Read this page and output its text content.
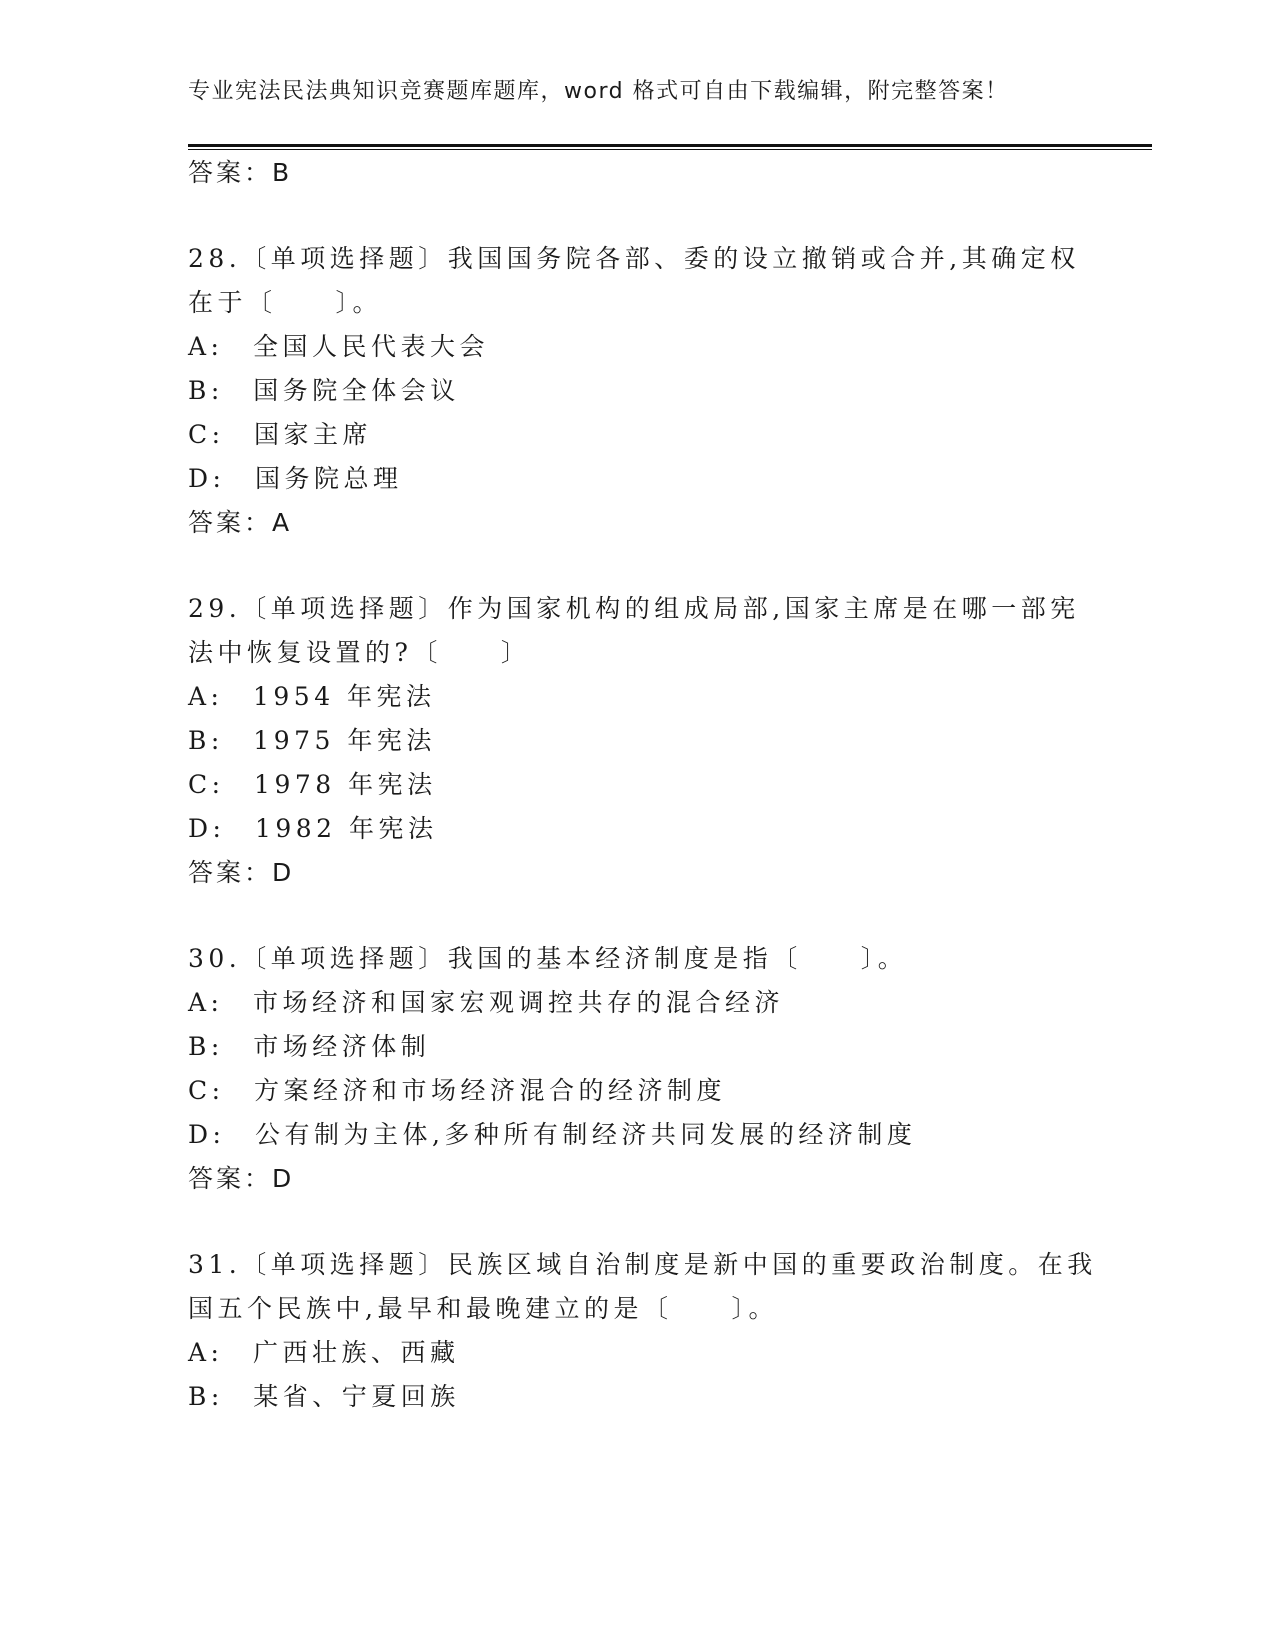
专业宪法民法典知识竞赛题库题库，word 格式可自由下载编辑，附完整答案！
答案：B
28.〔单项选择题〕我国国务院各部、委的设立撤销或合并,其确定权
在于〔　　〕。
A:　全国人民代表大会
B:　国务院全体会议
C:　国家主席
D:　国务院总理
答案：A
29.〔单项选择题〕作为国家机构的组成局部,国家主席是在哪一部宪
法中恢复设置的?〔　　〕
A:　1954 年宪法
B:　1975 年宪法
C:　1978 年宪法
D:　1982 年宪法
答案：D
30.〔单项选择题〕我国的基本经济制度是指〔　　〕。
A:　市场经济和国家宏观调控共存的混合经济
B:　市场经济体制
C:　方案经济和市场经济混合的经济制度
D:　公有制为主体,多种所有制经济共同发展的经济制度
答案：D
31.〔单项选择题〕民族区域自治制度是新中国的重要政治制度。在我
国五个民族中,最早和最晚建立的是〔　　〕。
A:　广西壮族、西藏
B:　某省、宁夏回族
